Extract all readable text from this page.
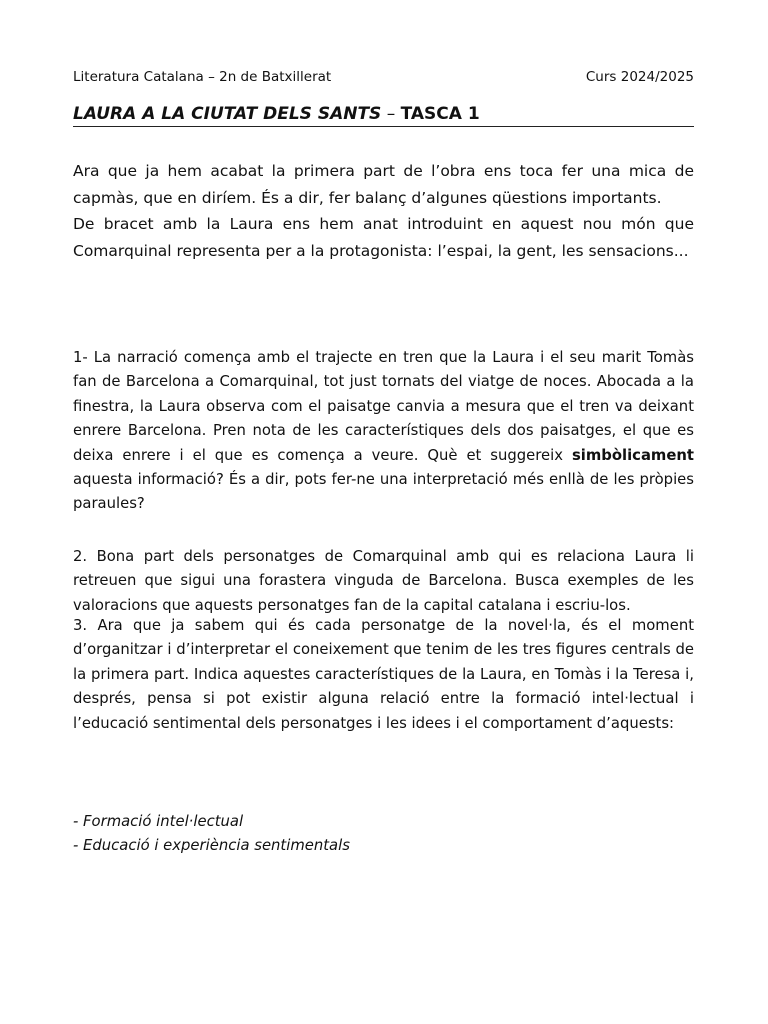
Literatura Catalana – 2n de Batxillerat	Curs 2024/2025
LAURA A LA CIUTAT DELS SANTS – TASCA 1

Ara que ja hem acabat la primera part de l’obra ens toca fer una mica de capmàs, que en diríem. És a dir, fer balanç d’algunes qüestions importants.

De bracet amb la Laura ens hem anat introduint en aquest nou món que Comarquinal representa per a la protagonista: l’espai, la gent, les sensacions...

1- La narració comença amb el trajecte en tren que la Laura i el seu marit Tomàs fan de Barcelona a Comarquinal, tot just tornats del viatge de noces. Abocada a la finestra, la Laura observa com el paisatge canvia a mesura que el tren va deixant enrere Barcelona. Pren nota de les característiques dels dos paisatges, el que es deixa enrere i el que es comença a veure. Què et suggereix simbòlicament aquesta informació? És a dir, pots fer-ne una interpretació més enllà de les pròpies paraules?

2. Bona part dels personatges de Comarquinal amb qui es relaciona Laura li retreuen que sigui una forastera vinguda de Barcelona. Busca exemples de les valoracions que aquests personatges fan de la capital catalana i escriu-los.

3. Ara que ja sabem qui és cada personatge de la novel·la, és el moment d’organitzar i d’interpretar el coneixement que tenim de les tres figures centrals de la primera part. Indica aquestes característiques de la Laura, en Tomàs i la Teresa i, després, pensa si pot existir alguna relació entre la formació intel·lectual i l’educació sentimental dels personatges i les idees i el comportament d’aquests:

- Formació intel·lectual
- Educació i experiència sentimentals
